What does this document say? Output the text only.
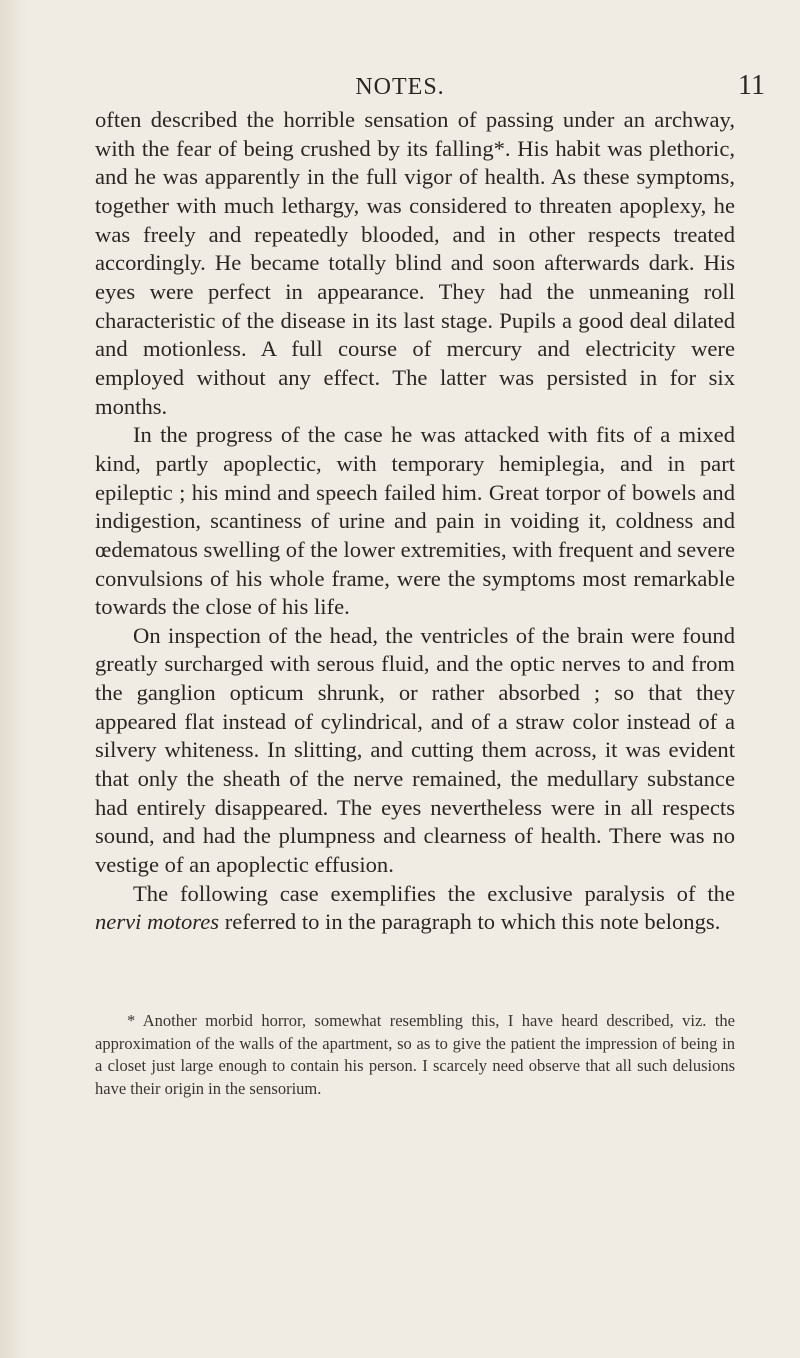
NOTES.	11

often described the horrible sensation of passing under an archway, with the fear of being crushed by its falling*. His habit was plethoric, and he was apparently in the full vigor of health. As these symptoms, together with much lethargy, was considered to threaten apoplexy, he was freely and repeatedly blooded, and in other respects treated accordingly. He became totally blind and soon afterwards dark. His eyes were perfect in appearance. They had the unmeaning roll characteristic of the disease in its last stage. Pupils a good deal dilated and motionless. A full course of mercury and electricity were employed without any effect. The latter was persisted in for six months.

In the progress of the case he was attacked with fits of a mixed kind, partly apoplectic, with temporary hemiplegia, and in part epileptic ; his mind and speech failed him. Great torpor of bowels and indigestion, scantiness of urine and pain in voiding it, coldness and œdematous swelling of the lower extremities, with frequent and severe convulsions of his whole frame, were the symptoms most remarkable towards the close of his life.

On inspection of the head, the ventricles of the brain were found greatly surcharged with serous fluid, and the optic nerves to and from the ganglion opticum shrunk, or rather absorbed ; so that they appeared flat instead of cylindrical, and of a straw color instead of a silvery whiteness. In slitting, and cutting them across, it was evident that only the sheath of the nerve remained, the medullary substance had entirely disappeared. The eyes nevertheless were in all respects sound, and had the plumpness and clearness of health. There was no vestige of an apoplectic effusion.

The following case exemplifies the exclusive paralysis of the nervi motores referred to in the paragraph to which this note belongs.

* Another morbid horror, somewhat resembling this, I have heard described, viz. the approximation of the walls of the apartment, so as to give the patient the impression of being in a closet just large enough to contain his person. I scarcely need observe that all such delusions have their origin in the sensorium.
